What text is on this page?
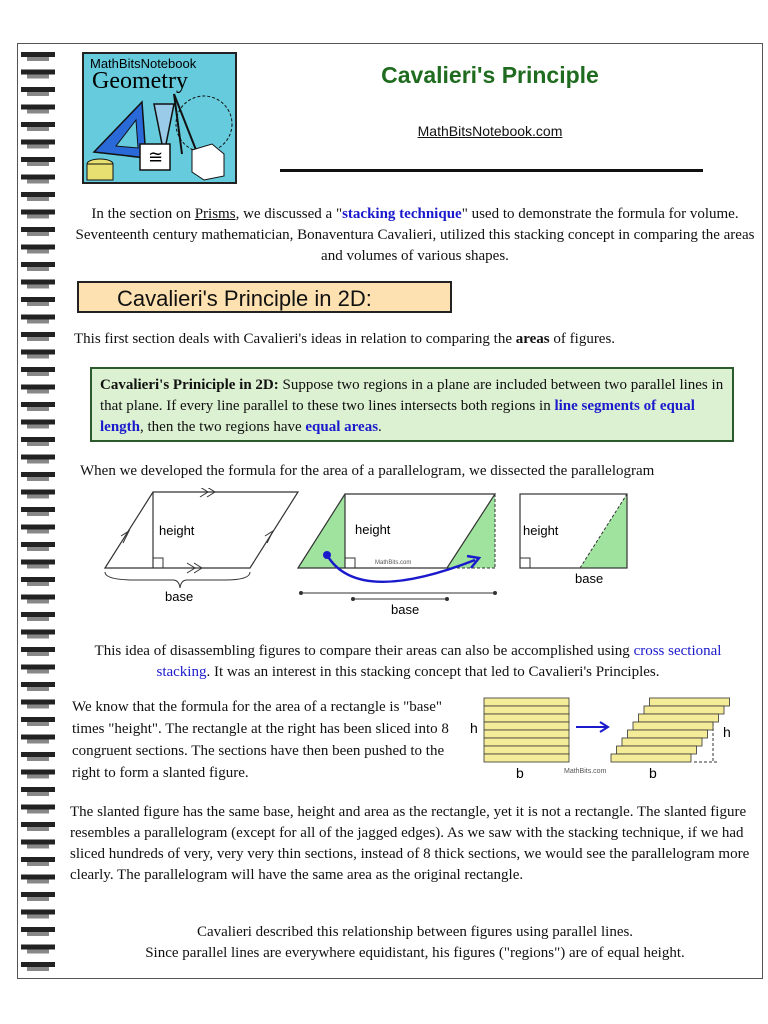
≅
MathBitsNotebook
Geometry	Cavalieri's Principle
MathBitsNotebook.com
In the section on Prisms, we discussed a "stacking technique" used to demonstrate the formula for volume. Seventeenth century mathematician, Bonaventura Cavalieri, utilized this stacking concept in comparing the areas and volumes of various shapes.
Cavalieri's Principle in 2D:
This first section deals with Cavalieri's ideas in relation to comparing the areas of figures.
Cavalieri's Priniciple in 2D: Suppose two regions in a plane are included between two parallel lines in that plane. If every line parallel to these two lines intersects both regions in line segments of equal length, then the two regions have equal areas.
When we developed the formula for the area of a parallelogram, we dissected the parallelogram
height
base
height
MathBits.com
base
height
base
This idea of disassembling figures to compare their areas can also be accomplished using cross sectional stacking. It was an interest in this stacking concept that led to Cavalieri's Principles.
We know that the formula for the area of a rectangle is "base" times "height". The rectangle at the right has been sliced into 8 congruent sections. The sections have then been pushed to the right to form a slanted figure.
h	h
b	MathBits.com	b
The slanted figure has the same base, height and area as the rectangle, yet it is not a rectangle. The slanted figure resembles a parallelogram (except for all of the jagged edges). As we saw with the stacking technique, if we had sliced hundreds of very, very very thin sections, instead of 8 thick sections, we would see the parallelogram more clearly. The parallelogram will have the same area as the original rectangle.
Cavalieri described this relationship between figures using parallel lines.
Since parallel lines are everywhere equidistant, his figures ("regions") are of equal height.
